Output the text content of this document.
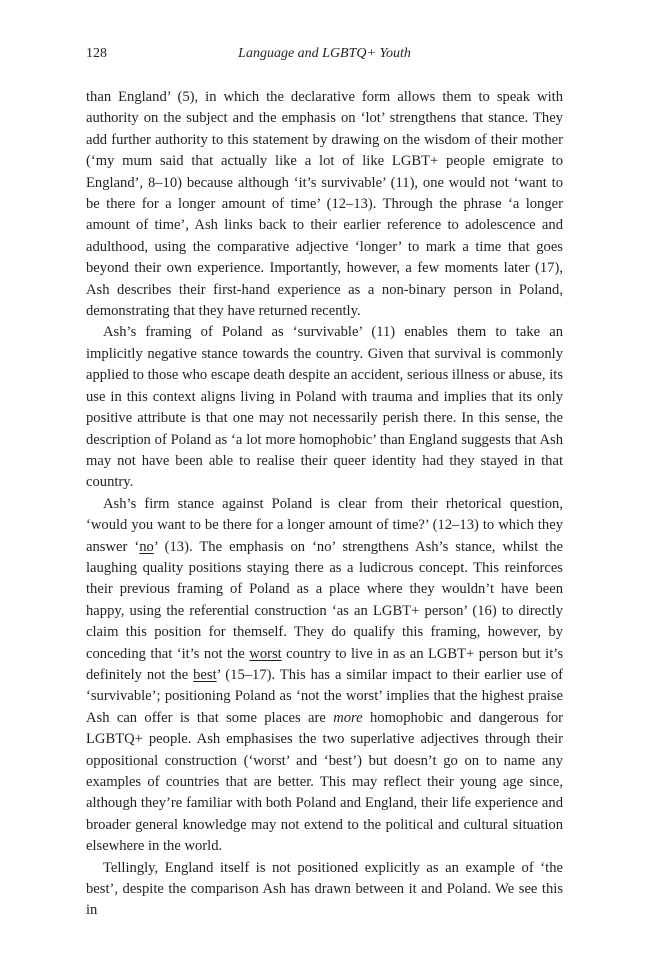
128	Language and LGBTQ+ Youth

than England’ (5), in which the declarative form allows them to speak with authority on the subject and the emphasis on ‘lot’ strengthens that stance. They add further authority to this statement by drawing on the wisdom of their mother (‘my mum said that actually like a lot of like LGBT+ people emigrate to England’, 8–10) because although ‘it’s survivable’ (11), one would not ‘want to be there for a longer amount of time’ (12–13). Through the phrase ‘a longer amount of time’, Ash links back to their earlier reference to adolescence and adulthood, using the comparative adjective ‘longer’ to mark a time that goes beyond their own experience. Importantly, however, a few moments later (17), Ash describes their first-hand experience as a non-binary person in Poland, demonstrating that they have returned recently.

Ash’s framing of Poland as ‘survivable’ (11) enables them to take an implicitly negative stance towards the country. Given that survival is commonly applied to those who escape death despite an accident, serious illness or abuse, its use in this context aligns living in Poland with trauma and implies that its only positive attribute is that one may not necessarily perish there. In this sense, the description of Poland as ‘a lot more homophobic’ than England suggests that Ash may not have been able to realise their queer identity had they stayed in that country.

Ash’s firm stance against Poland is clear from their rhetorical question, ‘would you want to be there for a longer amount of time?’ (12–13) to which they answer ‘no’ (13). The emphasis on ‘no’ strengthens Ash’s stance, whilst the laughing quality positions staying there as a ludicrous concept. This reinforces their previous framing of Poland as a place where they wouldn’t have been happy, using the referential construction ‘as an LGBT+ person’ (16) to directly claim this position for themself. They do qualify this framing, however, by conceding that ‘it’s not the worst country to live in as an LGBT+ person but it’s definitely not the best’ (15–17). This has a similar impact to their earlier use of ‘survivable’; positioning Poland as ‘not the worst’ implies that the highest praise Ash can offer is that some places are more homophobic and dangerous for LGBTQ+ people. Ash emphasises the two superlative adjectives through their oppositional construction (‘worst’ and ‘best’) but doesn’t go on to name any examples of countries that are better. This may reflect their young age since, although they’re familiar with both Poland and England, their life experience and broader general knowledge may not extend to the political and cultural situation elsewhere in the world.

Tellingly, England itself is not positioned explicitly as an example of ‘the best’, despite the comparison Ash has drawn between it and Poland. We see this in
